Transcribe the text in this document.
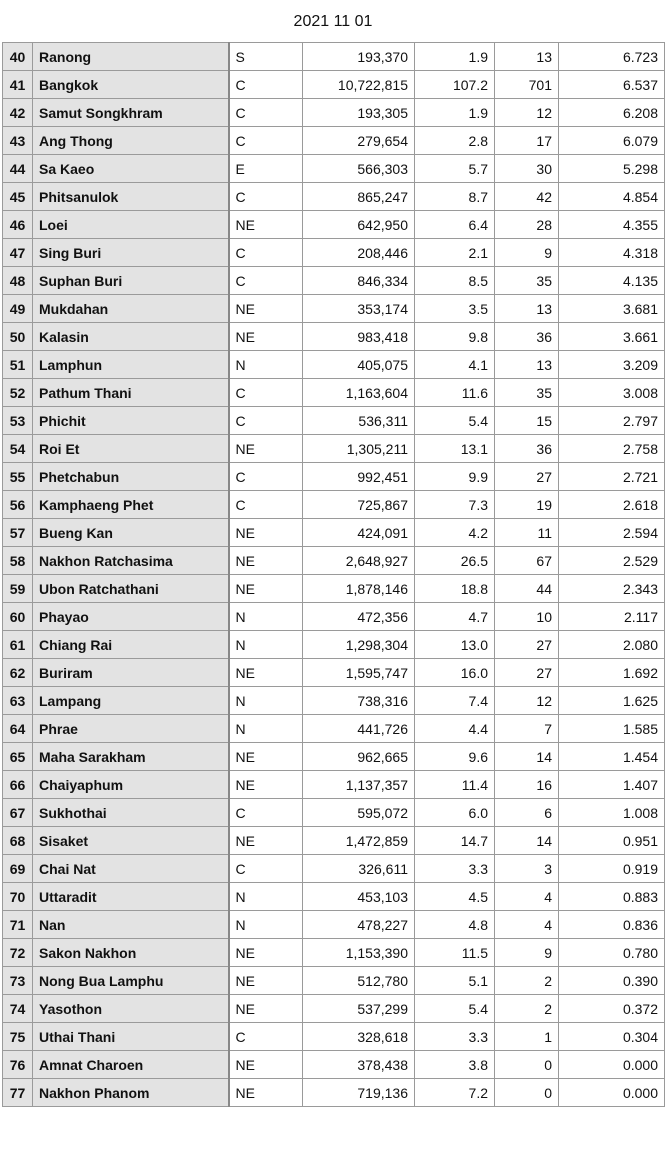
2021 11 01
40	Ranong	S	193,370	1.9	13	6.723
41	Bangkok	C	10,722,815	107.2	701	6.537
42	Samut Songkhram	C	193,305	1.9	12	6.208
43	Ang Thong	C	279,654	2.8	17	6.079
44	Sa Kaeo	E	566,303	5.7	30	5.298
45	Phitsanulok	C	865,247	8.7	42	4.854
46	Loei	NE	642,950	6.4	28	4.355
47	Sing Buri	C	208,446	2.1	9	4.318
48	Suphan Buri	C	846,334	8.5	35	4.135
49	Mukdahan	NE	353,174	3.5	13	3.681
50	Kalasin	NE	983,418	9.8	36	3.661
51	Lamphun	N	405,075	4.1	13	3.209
52	Pathum Thani	C	1,163,604	11.6	35	3.008
53	Phichit	C	536,311	5.4	15	2.797
54	Roi Et	NE	1,305,211	13.1	36	2.758
55	Phetchabun	C	992,451	9.9	27	2.721
56	Kamphaeng Phet	C	725,867	7.3	19	2.618
57	Bueng Kan	NE	424,091	4.2	11	2.594
58	Nakhon Ratchasima	NE	2,648,927	26.5	67	2.529
59	Ubon Ratchathani	NE	1,878,146	18.8	44	2.343
60	Phayao	N	472,356	4.7	10	2.117
61	Chiang Rai	N	1,298,304	13.0	27	2.080
62	Buriram	NE	1,595,747	16.0	27	1.692
63	Lampang	N	738,316	7.4	12	1.625
64	Phrae	N	441,726	4.4	7	1.585
65	Maha Sarakham	NE	962,665	9.6	14	1.454
66	Chaiyaphum	NE	1,137,357	11.4	16	1.407
67	Sukhothai	C	595,072	6.0	6	1.008
68	Sisaket	NE	1,472,859	14.7	14	0.951
69	Chai Nat	C	326,611	3.3	3	0.919
70	Uttaradit	N	453,103	4.5	4	0.883
71	Nan	N	478,227	4.8	4	0.836
72	Sakon Nakhon	NE	1,153,390	11.5	9	0.780
73	Nong Bua Lamphu	NE	512,780	5.1	2	0.390
74	Yasothon	NE	537,299	5.4	2	0.372
75	Uthai Thani	C	328,618	3.3	1	0.304
76	Amnat Charoen	NE	378,438	3.8	0	0.000
77	Nakhon Phanom	NE	719,136	7.2	0	0.000
